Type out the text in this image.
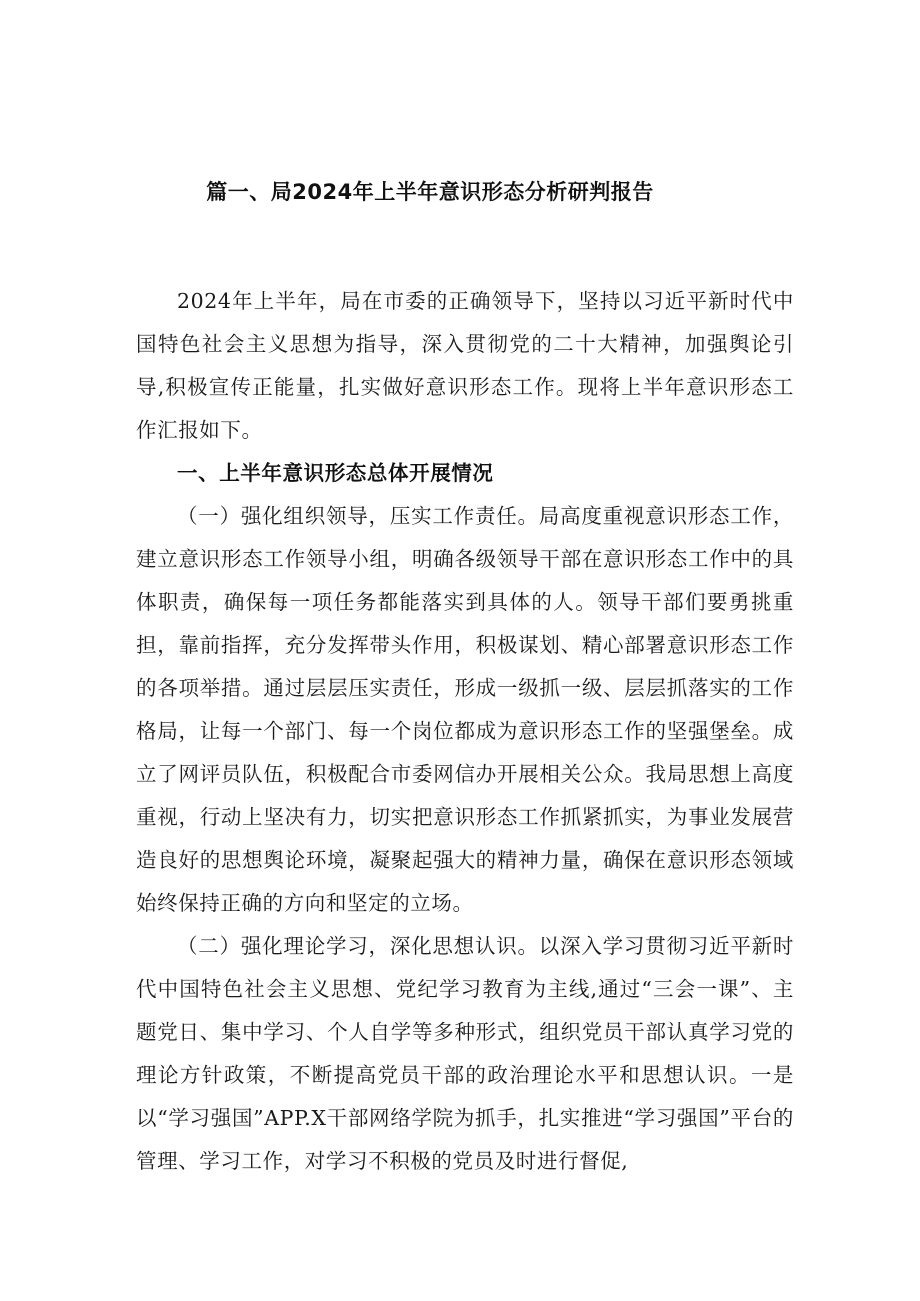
篇一、局2024年上半年意识形态分析研判报告

2024年上半年，局在市委的正确领导下，坚持以习近平新时代中国特色社会主义思想为指导，深入贯彻党的二十大精神，加强舆论引导,积极宣传正能量，扎实做好意识形态工作。现将上半年意识形态工作汇报如下。

一、上半年意识形态总体开展情况

（一）强化组织领导，压实工作责任。局高度重视意识形态工作，建立意识形态工作领导小组，明确各级领导干部在意识形态工作中的具体职责，确保每一项任务都能落实到具体的人。领导干部们要勇挑重担，靠前指挥，充分发挥带头作用，积极谋划、精心部署意识形态工作的各项举措。通过层层压实责任，形成一级抓一级、层层抓落实的工作格局，让每一个部门、每一个岗位都成为意识形态工作的坚强堡垒。成立了网评员队伍，积极配合市委网信办开展相关公众。我局思想上高度重视，行动上坚决有力，切实把意识形态工作抓紧抓实，为事业发展营造良好的思想舆论环境，凝聚起强大的精神力量，确保在意识形态领域始终保持正确的方向和坚定的立场。

（二）强化理论学习，深化思想认识。以深入学习贯彻习近平新时代中国特色社会主义思想、党纪学习教育为主线,通过“三会一课”、主题党日、集中学习、个人自学等多种形式，组织党员干部认真学习党的理论方针政策，不断提高党员干部的政治理论水平和思想认识。一是以“学习强国”APP.X干部网络学院为抓手，扎实推进“学习强国”平台的管理、学习工作，对学习不积极的党员及时进行督促,
